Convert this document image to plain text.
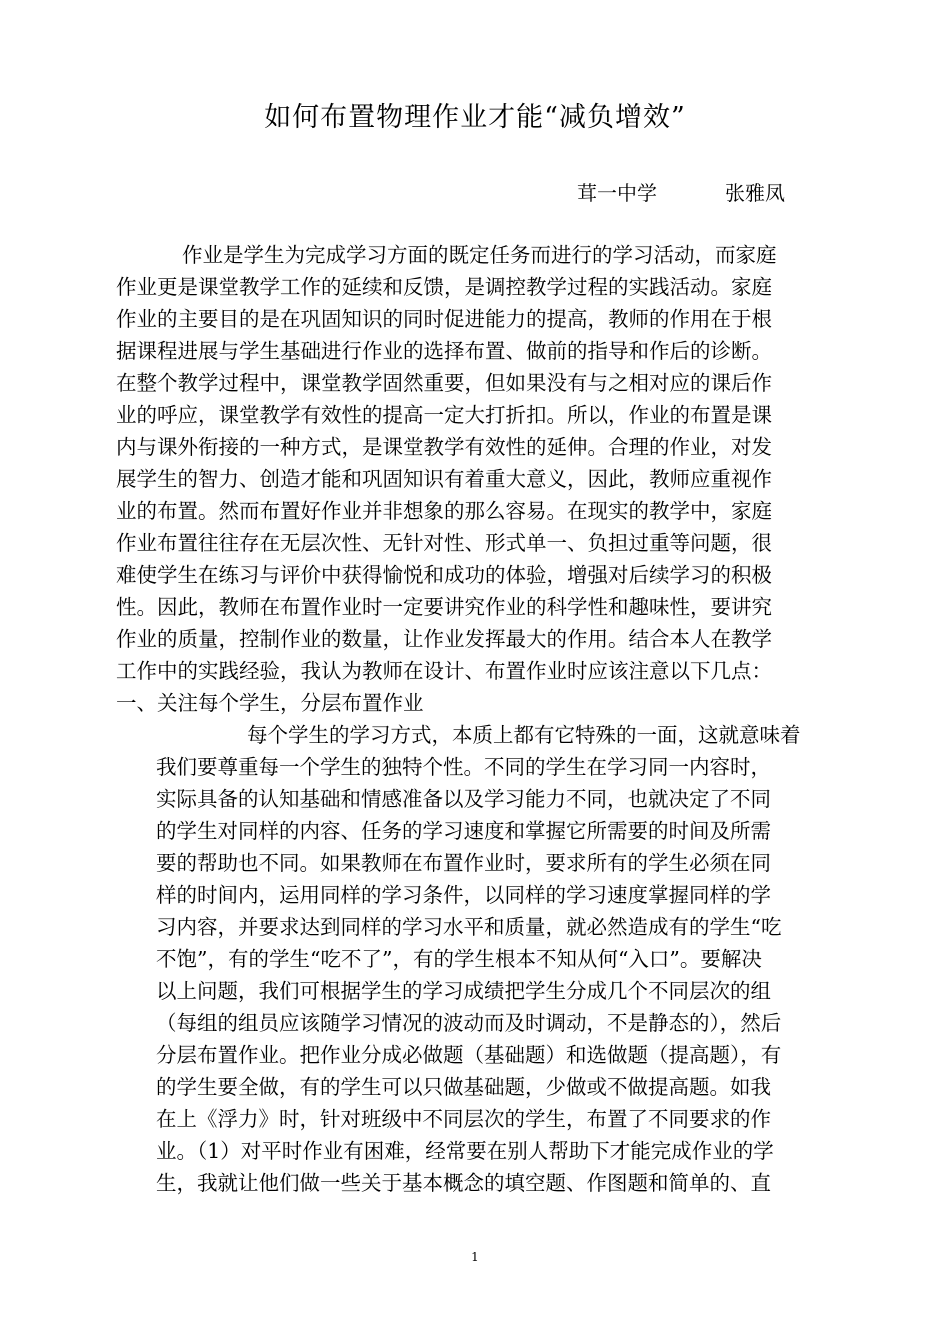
如何布置物理作业才能“减负增效”
茸一中学	张雅凤
作业是学生为完成学习方面的既定任务而进行的学习活动，而家庭
作业更是课堂教学工作的延续和反馈，是调控教学过程的实践活动。家庭
作业的主要目的是在巩固知识的同时促进能力的提高，教师的作用在于根
据课程进展与学生基础进行作业的选择布置、做前的指导和作后的诊断。
在整个教学过程中，课堂教学固然重要，但如果没有与之相对应的课后作
业的呼应，课堂教学有效性的提高一定大打折扣。所以，作业的布置是课
内与课外衔接的一种方式，是课堂教学有效性的延伸。合理的作业，对发
展学生的智力、创造才能和巩固知识有着重大意义，因此，教师应重视作
业的布置。然而布置好作业并非想象的那么容易。在现实的教学中，家庭
作业布置往往存在无层次性、无针对性、形式单一、负担过重等问题，很
难使学生在练习与评价中获得愉悦和成功的体验，增强对后续学习的积极
性。因此，教师在布置作业时一定要讲究作业的科学性和趣味性，要讲究
作业的质量，控制作业的数量，让作业发挥最大的作用。结合本人在教学
工作中的实践经验，我认为教师在设计、布置作业时应该注意以下几点：
一、关注每个学生，分层布置作业
每个学生的学习方式，本质上都有它特殊的一面，这就意味着
我们要尊重每一个学生的独特个性。不同的学生在学习同一内容时，
实际具备的认知基础和情感准备以及学习能力不同，也就决定了不同
的学生对同样的内容、任务的学习速度和掌握它所需要的时间及所需
要的帮助也不同。如果教师在布置作业时，要求所有的学生必须在同
样的时间内，运用同样的学习条件，以同样的学习速度掌握同样的学
习内容，并要求达到同样的学习水平和质量，就必然造成有的学生“吃
不饱”，有的学生“吃不了”，有的学生根本不知从何“入口”。要解决
以上问题，我们可根据学生的学习成绩把学生分成几个不同层次的组
（每组的组员应该随学习情况的波动而及时调动，不是静态的），然后
分层布置作业。把作业分成必做题（基础题）和选做题（提高题），有
的学生要全做，有的学生可以只做基础题，少做或不做提高题。如我
在上《浮力》时，针对班级中不同层次的学生，布置了不同要求的作
业。（1）对平时作业有困难，经常要在别人帮助下才能完成作业的学
生，我就让他们做一些关于基本概念的填空题、作图题和简单的、直
1
